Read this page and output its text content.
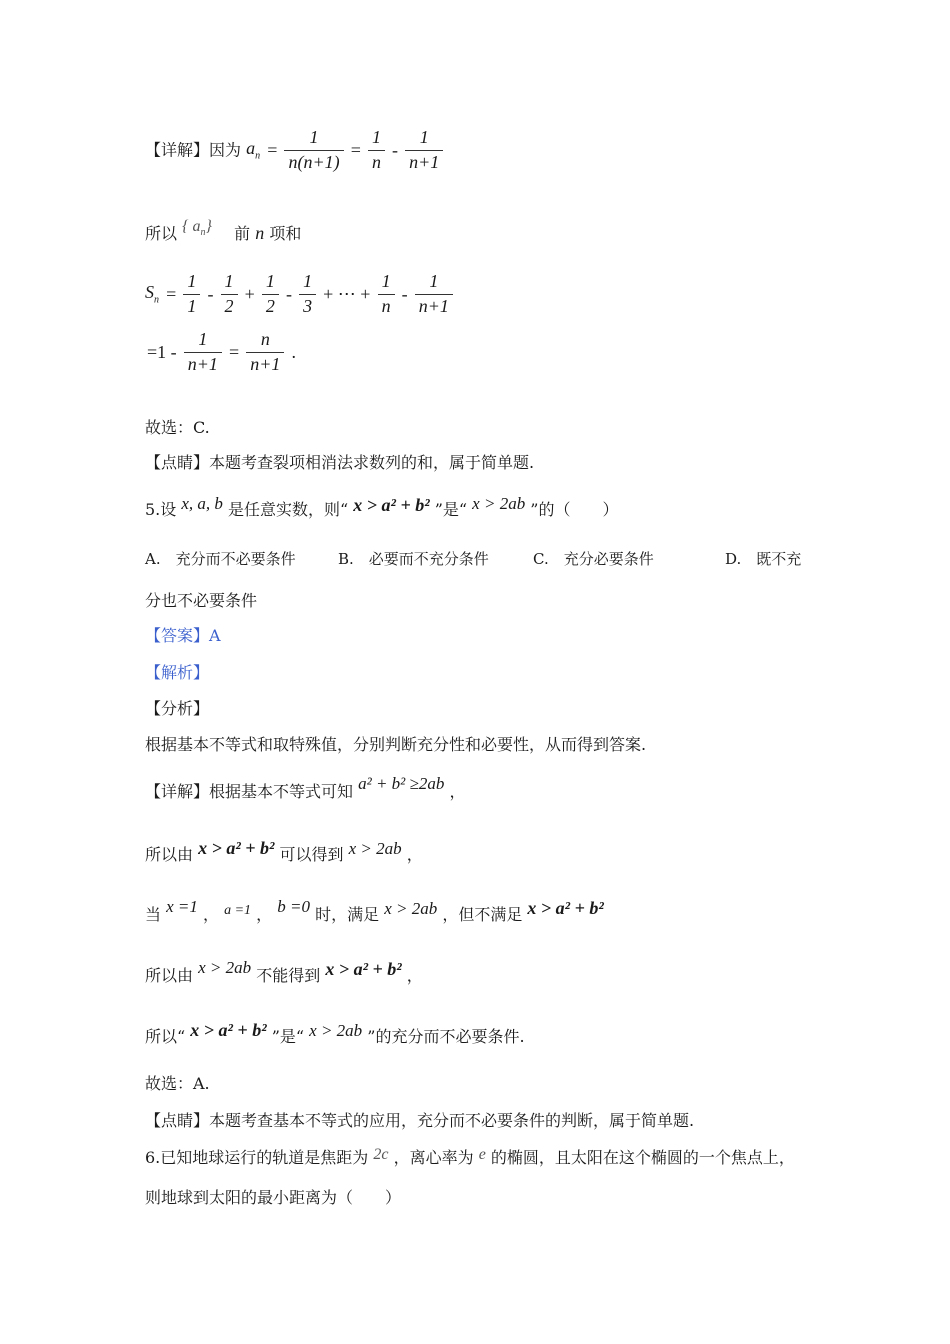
【详解】因为 $a_n = \frac{1}{n(n+1)} = \frac{1}{n} - \frac{1}{n+1}$
所以 { $a_n$} 前 n 项和
$S_n = \frac{1}{1} - \frac{1}{2} + \frac{1}{2} - \frac{1}{3}$ + ⋯ + $\frac{1}{n} - \frac{1}{n+1}$
$=1 - \frac{1}{n+1} = \frac{n}{n+1}$ .
故选：C.
【点睛】本题考查裂项相消法求数列的和，属于简单题.
5.设 x, a, b 是任意实数，则“ x > a² + b² ”是“ x > 2ab ”的（　　）
A.　充分而不必要条件	B.　必要而不充分条件	C.　充分必要条件	D.　既不充
分也不必要条件
【答案】A
【解析】
【分析】
根据基本不等式和取特殊值，分别判断充分性和必要性，从而得到答案.
【详解】根据基本不等式可知 a² + b² ≥2ab ，
所以由 x > a² + b² 可以得到 x > 2ab ，
当 x =1 ， a =1 ， b =0 时，满足 x > 2ab ，但不满足 x > a² + b²
所以由 x > 2ab 不能得到 x > a² + b² ，
所以“ x > a² + b² ”是“ x > 2ab ”的充分而不必要条件.
故选：A.
【点睛】本题考查基本不等式的应用，充分而不必要条件的判断，属于简单题.
6.已知地球运行的轨道是焦距为 2c ，离心率为 e 的椭圆，且太阳在这个椭圆的一个焦点上，
则地球到太阳的最小距离为（　　）
